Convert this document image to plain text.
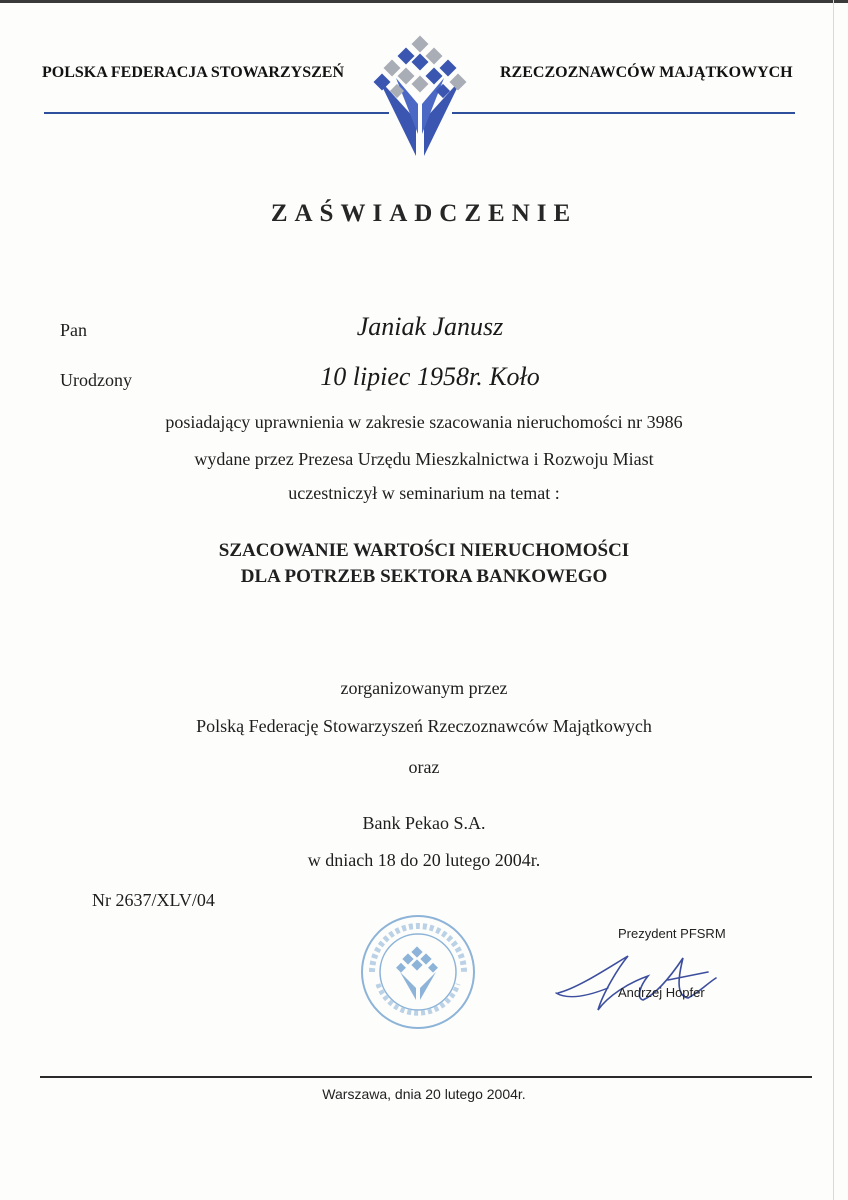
POLSKA FEDERACJA STOWARZYSZEŃ	RZECZOZNAWCÓW MAJĄTKOWYCH
ZAŚWIADCZENIE
Pan	Janiak Janusz
Urodzony	10 lipiec 1958r. Koło
posiadający uprawnienia w zakresie szacowania nieruchomości nr 3986
wydane przez Prezesa Urzędu Mieszkalnictwa i Rozwoju Miast
uczestniczył w seminarium na temat :
SZACOWANIE WARTOŚCI NIERUCHOMOŚCI
DLA POTRZEB SEKTORA BANKOWEGO
zorganizowanym przez
Polską Federację Stowarzyszeń Rzeczoznawców Majątkowych
oraz
Bank Pekao S.A.
w dniach 18 do 20 lutego 2004r.
Nr 2637/XLV/04
Prezydent PFSRM
Andrzej Hopfer
Warszawa, dnia 20 lutego 2004r.
